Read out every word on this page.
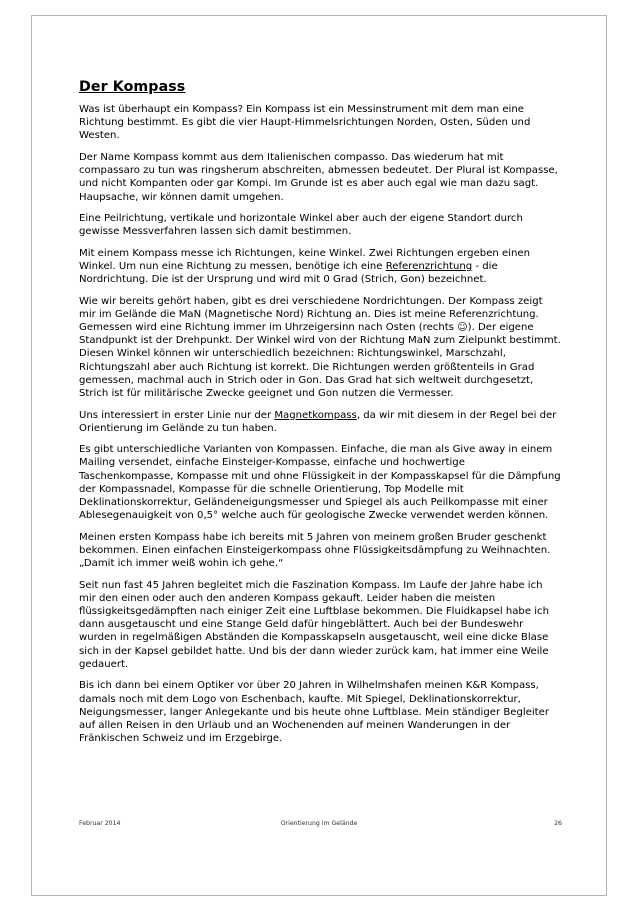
Der Kompass

Was ist überhaupt ein Kompass? Ein Kompass ist ein Messinstrument mit dem man eine Richtung bestimmt. Es gibt die vier Haupt-Himmelsrichtungen Norden, Osten, Süden und Westen.

Der Name Kompass kommt aus dem Italienischen compasso. Das wiederum hat mit compassaro zu tun was ringsherum abschreiten, abmessen bedeutet. Der Plural ist Kompasse, und nicht Kompanten oder gar Kompi. Im Grunde ist es aber auch egal wie man dazu sagt. Haupsache, wir können damit umgehen.

Eine Peilrichtung, vertikale und horizontale Winkel aber auch der eigene Standort durch gewisse Messverfahren lassen sich damit bestimmen.

Mit einem Kompass messe ich Richtungen, keine Winkel. Zwei Richtungen ergeben einen Winkel. Um nun eine Richtung zu messen, benötige ich eine Referenzrichtung - die Nordrichtung. Die ist der Ursprung und wird mit 0 Grad (Strich, Gon) bezeichnet.

Wie wir bereits gehört haben, gibt es drei verschiedene Nordrichtungen. Der Kompass zeigt mir im Gelände die MaN (Magnetische Nord) Richtung an. Dies ist meine Referenzrichtung. Gemessen wird eine Richtung immer im Uhrzeigersinn nach Osten (rechts ☺). Der eigene Standpunkt ist der Drehpunkt. Der Winkel wird von der Richtung MaN zum Zielpunkt bestimmt. Diesen Winkel können wir unterschiedlich bezeichnen: Richtungswinkel, Marschzahl, Richtungszahl aber auch Richtung ist korrekt. Die Richtungen werden größtenteils in Grad gemessen, machmal auch in Strich oder in Gon. Das Grad hat sich weltweit durchgesetzt, Strich ist für militärische Zwecke geeignet und Gon nutzen die Vermesser.

Uns interessiert in erster Linie nur der Magnetkompass, da wir mit diesem in der Regel bei der Orientierung im Gelände zu tun haben.

Es gibt unterschiedliche Varianten von Kompassen. Einfache, die man als Give away in einem Mailing versendet, einfache Einsteiger-Kompasse, einfache und hochwertige Taschenkompasse, Kompasse mit und ohne Flüssigkeit in der Kompasskapsel für die Dämpfung der Kompassnadel, Kompasse für die schnelle Orientierung, Top Modelle mit Deklinationskorrektur, Geländeneigungsmesser und Spiegel als auch Peilkompasse mit einer Ablesegenauigkeit von 0,5° welche auch für geologische Zwecke verwendet werden können.

Meinen ersten Kompass habe ich bereits mit 5 Jahren von meinem großen Bruder geschenkt bekommen. Einen einfachen Einsteigerkompass ohne Flüssigkeitsdämpfung zu Weihnachten. „Damit ich immer weiß wohin ich gehe.“

Seit nun fast 45 Jahren begleitet mich die Faszination Kompass. Im Laufe der Jahre habe ich mir den einen oder auch den anderen Kompass gekauft. Leider haben die meisten flüssigkeitsgedämpften nach einiger Zeit eine Luftblase bekommen. Die Fluidkapsel habe ich dann ausgetauscht und eine Stange Geld dafür hingeblättert. Auch bei der Bundeswehr wurden in regelmäßigen Abständen die Kompasskapseln ausgetauscht, weil eine dicke Blase sich in der Kapsel gebildet hatte. Und bis der dann wieder zurück kam, hat immer eine Weile gedauert.

Bis ich dann bei einem Optiker vor über 20 Jahren in Wilhelmshafen meinen K&R Kompass, damals noch mit dem Logo von Eschenbach, kaufte. Mit Spiegel, Deklinationskorrektur, Neigungsmesser, langer Anlegekante und bis heute ohne Luftblase. Mein ständiger Begleiter auf allen Reisen in den Urlaub und an Wochenenden auf meinen Wanderungen in der Fränkischen Schweiz und im Erzgebirge.

Februar 2014	Orientierung im Gelände	26
